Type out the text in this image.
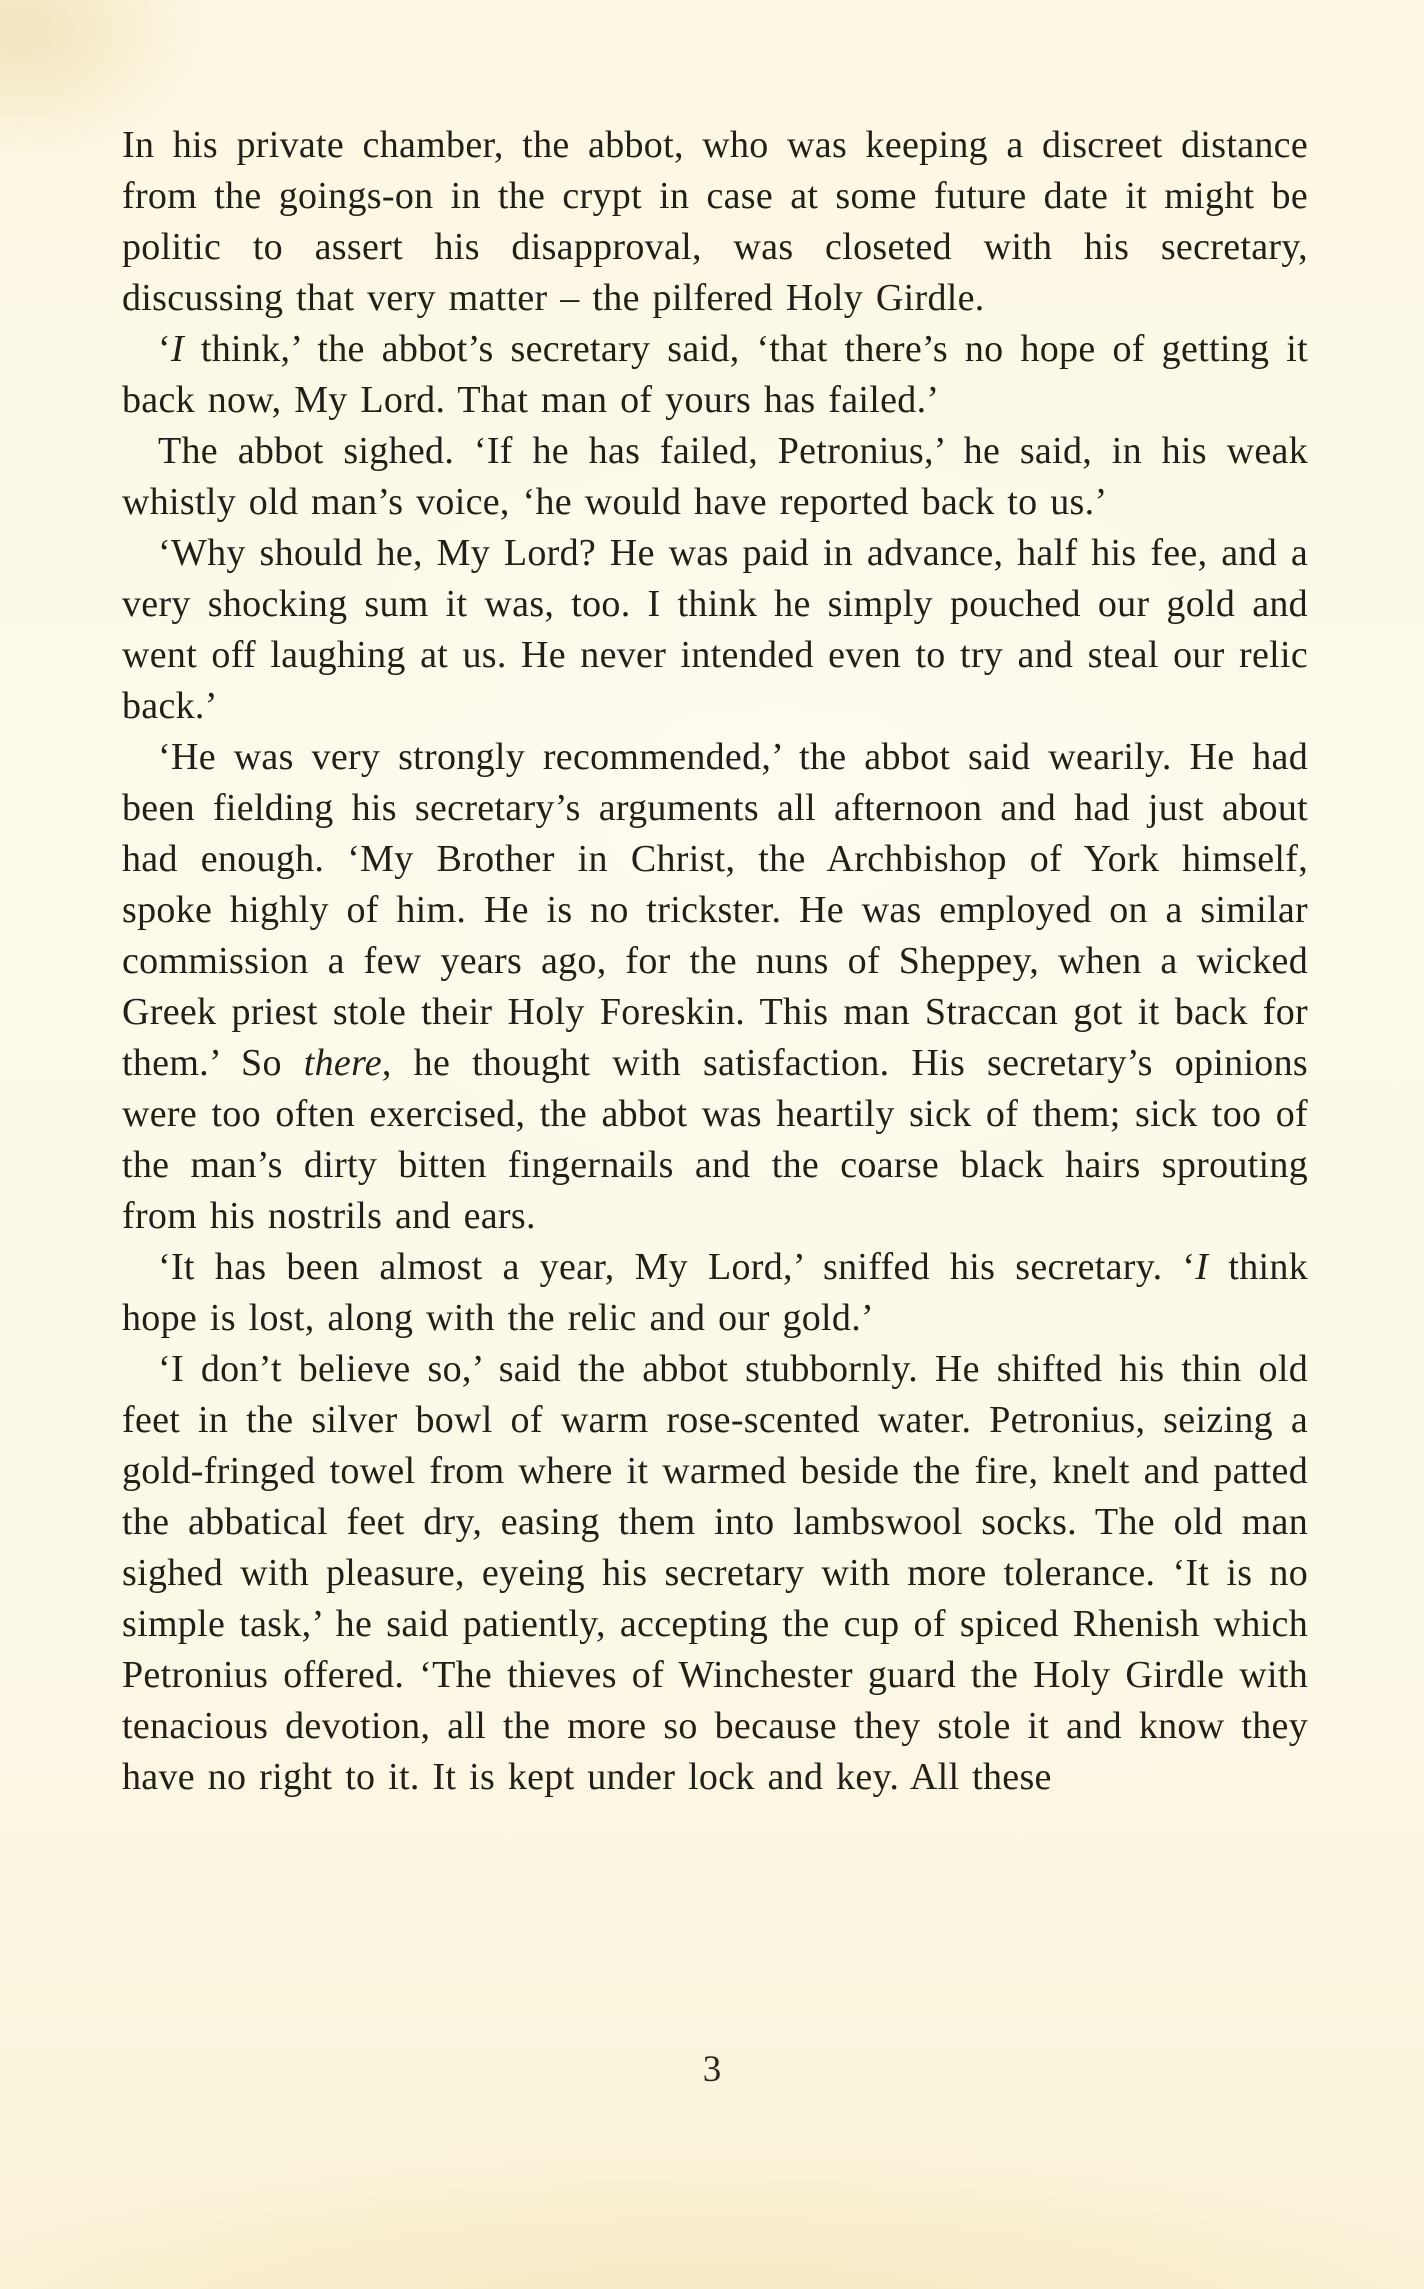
In his private chamber, the abbot, who was keeping a discreet distance from the goings-on in the crypt in case at some future date it might be politic to assert his disapproval, was closeted with his secretary, discussing that very matter – the pilfered Holy Girdle.

‘I think,’ the abbot’s secretary said, ‘that there’s no hope of getting it back now, My Lord. That man of yours has failed.’

The abbot sighed. ‘If he has failed, Petronius,’ he said, in his weak whistly old man’s voice, ‘he would have reported back to us.’

‘Why should he, My Lord? He was paid in advance, half his fee, and a very shocking sum it was, too. I think he simply pouched our gold and went off laughing at us. He never intended even to try and steal our relic back.’

‘He was very strongly recommended,’ the abbot said wearily. He had been fielding his secretary’s arguments all afternoon and had just about had enough. ‘My Brother in Christ, the Archbishop of York himself, spoke highly of him. He is no trickster. He was employed on a similar commission a few years ago, for the nuns of Sheppey, when a wicked Greek priest stole their Holy Foreskin. This man Straccan got it back for them.’ So there, he thought with satisfaction. His secretary’s opinions were too often exercised, the abbot was heartily sick of them; sick too of the man’s dirty bitten fingernails and the coarse black hairs sprouting from his nostrils and ears.

‘It has been almost a year, My Lord,’ sniffed his secretary. ‘I think hope is lost, along with the relic and our gold.’

‘I don’t believe so,’ said the abbot stubbornly. He shifted his thin old feet in the silver bowl of warm rose-scented water. Petronius, seizing a gold-fringed towel from where it warmed beside the fire, knelt and patted the abbatical feet dry, easing them into lambswool socks. The old man sighed with pleasure, eyeing his secretary with more tolerance. ‘It is no simple task,’ he said patiently, accepting the cup of spiced Rhenish which Petronius offered. ‘The thieves of Winchester guard the Holy Girdle with tenacious devotion, all the more so because they stole it and know they have no right to it. It is kept under lock and key. All these

3
